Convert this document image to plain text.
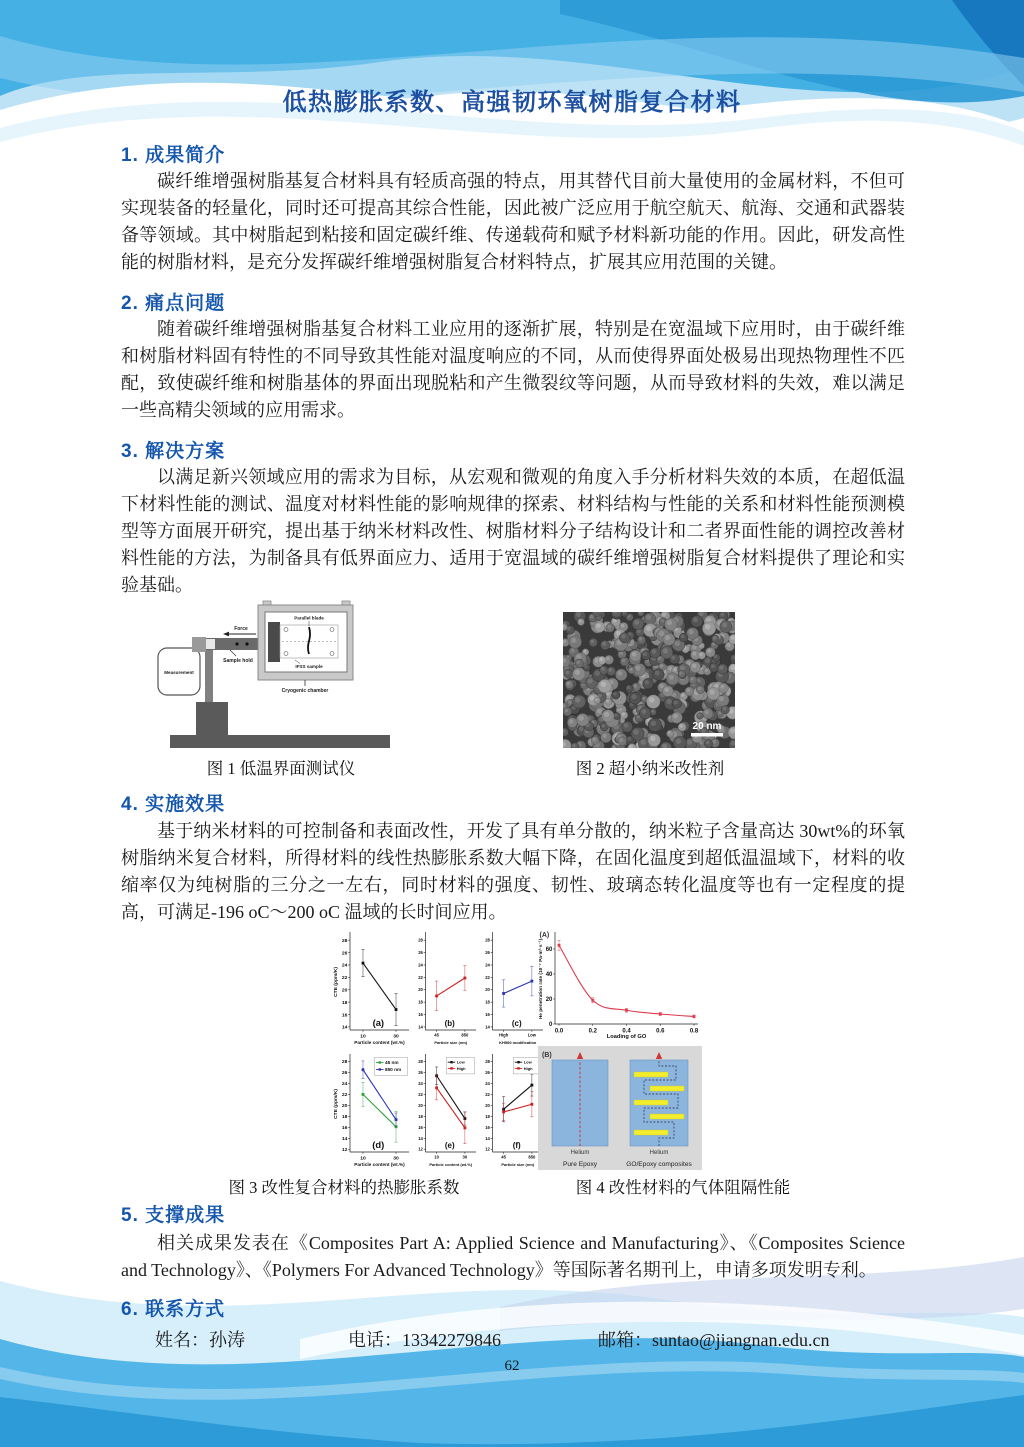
低热膨胀系数、高强韧环氧树脂复合材料
1. 成果简介

碳纤维增强树脂基复合材料具有轻质高强的特点，用其替代目前大量使用的金属材料，不但可实现装备的轻量化，同时还可提高其综合性能，因此被广泛应用于航空航天、航海、交通和武器装备等领域。其中树脂起到粘接和固定碳纤维、传递载荷和赋予材料新功能的作用。因此，研发高性能的树脂材料，是充分发挥碳纤维增强树脂复合材料特点，扩展其应用范围的关键。

2. 痛点问题

随着碳纤维增强树脂基复合材料工业应用的逐渐扩展，特别是在宽温域下应用时，由于碳纤维和树脂材料固有特性的不同导致其性能对温度响应的不同，从而使得界面处极易出现热物理性不匹配，致使碳纤维和树脂基体的界面出现脱粘和产生微裂纹等问题，从而导致材料的失效，难以满足一些高精尖领域的应用需求。

3. 解决方案

以满足新兴领域应用的需求为目标，从宏观和微观的角度入手分析材料失效的本质，在超低温下材料性能的测试、温度对材料性能的影响规律的探索、材料结构与性能的关系和材料性能预测模型等方面展开研究，提出基于纳米材料改性、树脂材料分子结构设计和二者界面性能的调控改善材料性能的方法，为制备具有低界面应力、适用于宽温域的碳纤维增强树脂复合材料提供了理论和实验基础。

Measurement
Force
Sample hold
Parallel blade
IFSS sample
Cryogenic chamber
20 nm

图 1 低温界面测试仪	图 2 超小纳米改性剂

4. 实施效果

基于纳米材料的可控制备和表面改性，开发了具有单分散的，纳米粒子含量高达 30wt%的环氧树脂纳米复合材料，所得材料的线性热膨胀系数大幅下降，在固化温度到超低温温域下，材料的收缩率仅为纯树脂的三分之一左右，同时材料的强度、韧性、玻璃态转化温度等也有一定程度的提高，可满足-196 oC～200 oC 温域的长时间应用。

14
16
18
20
22
24
26
28
10	30
Particle content (wt.%)
CTE (ppm/K)
(a)	14
16
18
20
22
24
26
28
45	850
Particle size (nm)
(b)	14
16
18
20
22
24
26
28
High	Low
KH560 modification
(c)
12
14
16
18
20
22
24
26
28
10	30
Particle content (wt.%)
CTE (ppm/K)
(d)
45 nm
850 nm
12
14
16
18
20
22
24
26
28
10	30
Particle content (wt.%)
(e)
Low
High
12
14
16
18
20
22
24
26
28
45	850
Particle size (nm)
(f)
Low
High
0
20
40
60
0.0	0.2	0.4	0.6	0.8
Loading of GO
He penetration rate (10⁻⁷ Pa·m³·s⁻¹)
(A)
(B)
Helium	Helium
Pure Epoxy	GO/Epoxy composites

图 3 改性复合材料的热膨胀系数	图 4 改性材料的气体阻隔性能

5. 支撑成果

相关成果发表在《Composites Part A: Applied Science and Manufacturing》、《Composites Science and Technology》、《Polymers For Advanced Technology》等国际著名期刊上，申请多项发明专利。

6. 联系方式
姓名：孙涛	电话：13342279846	邮箱：suntao@jiangnan.edu.cn

62
